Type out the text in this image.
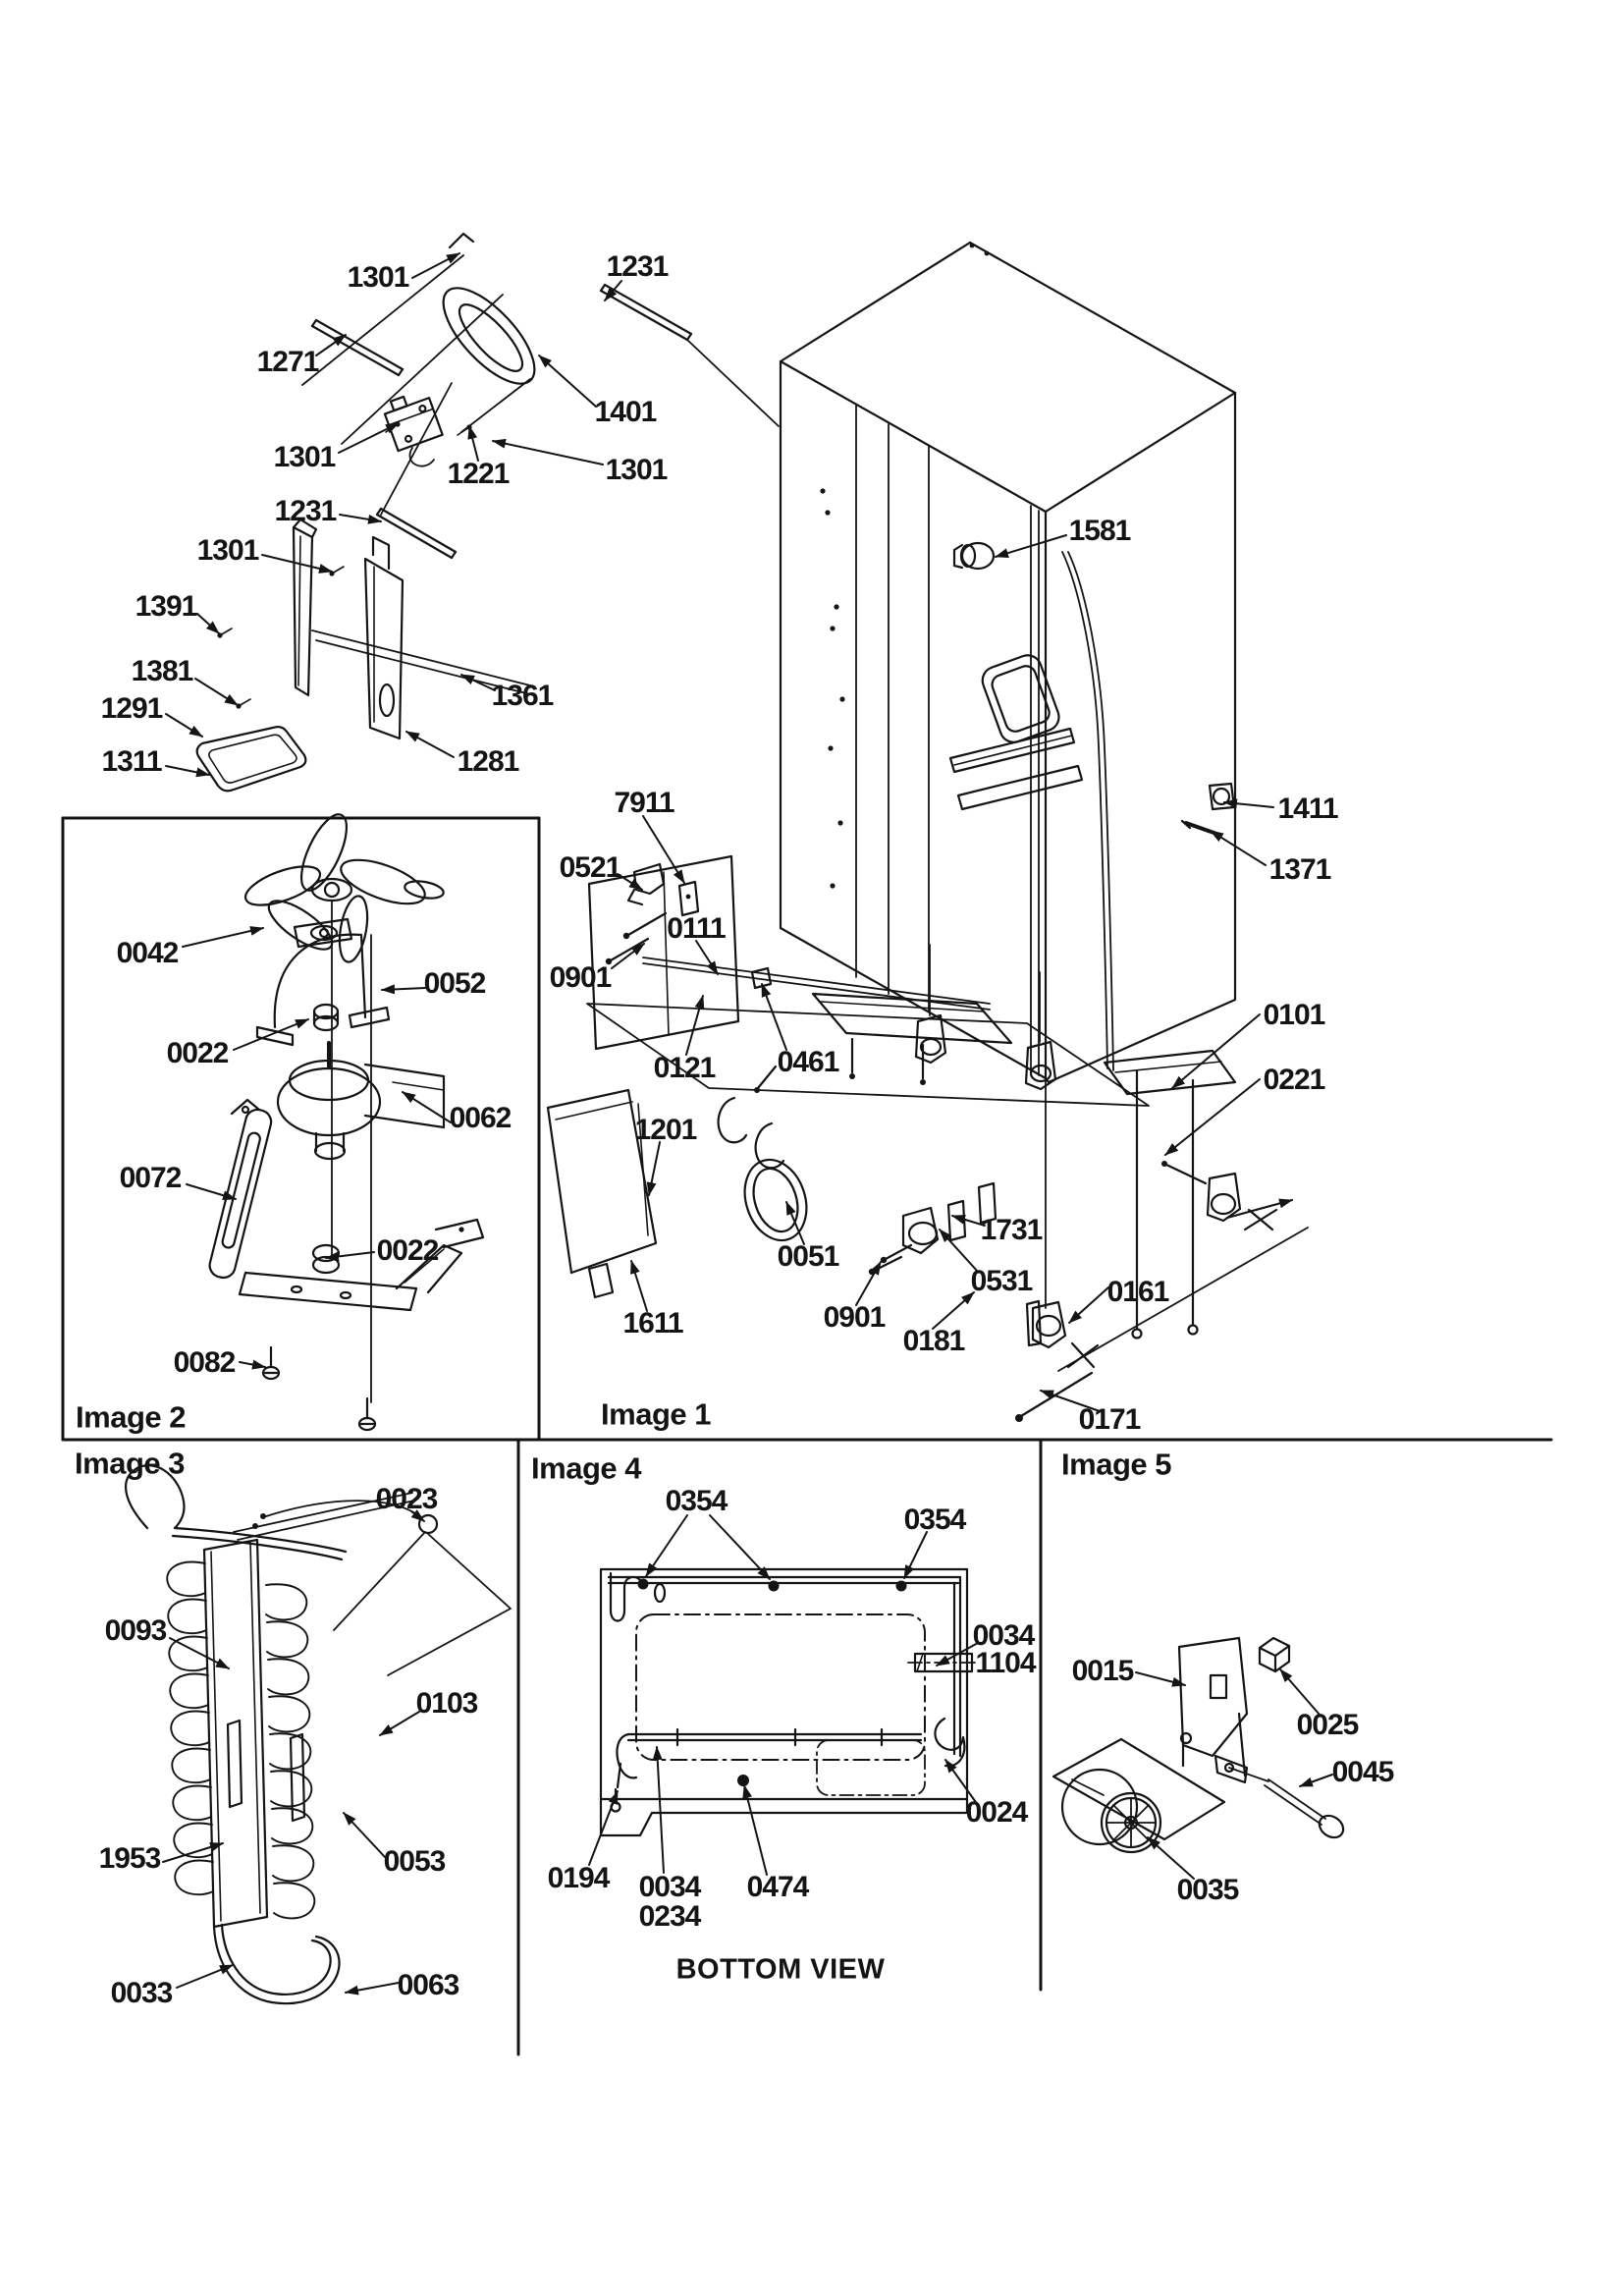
1301	1231
1271
1401
1301
1221	1301
1231
1301
1391
1381
1291
1311
1361
1281
1581
1411
1371
0101
0221
7911
0521
0111
0901
0121 0461
1201
0051
1611	0901
1731
0531
0181
0161
0171
0042
0052
0022
0062
0072
0022
0082
0023
0093
0103
1953	0053
0033	0063
0354
0354
0034
1104
0024
0194 0034
0234
0474
0015
0025
0045
0035
Image 2	Image 1
Image 3	Image 4	Image 5
BOTTOM VIEW
